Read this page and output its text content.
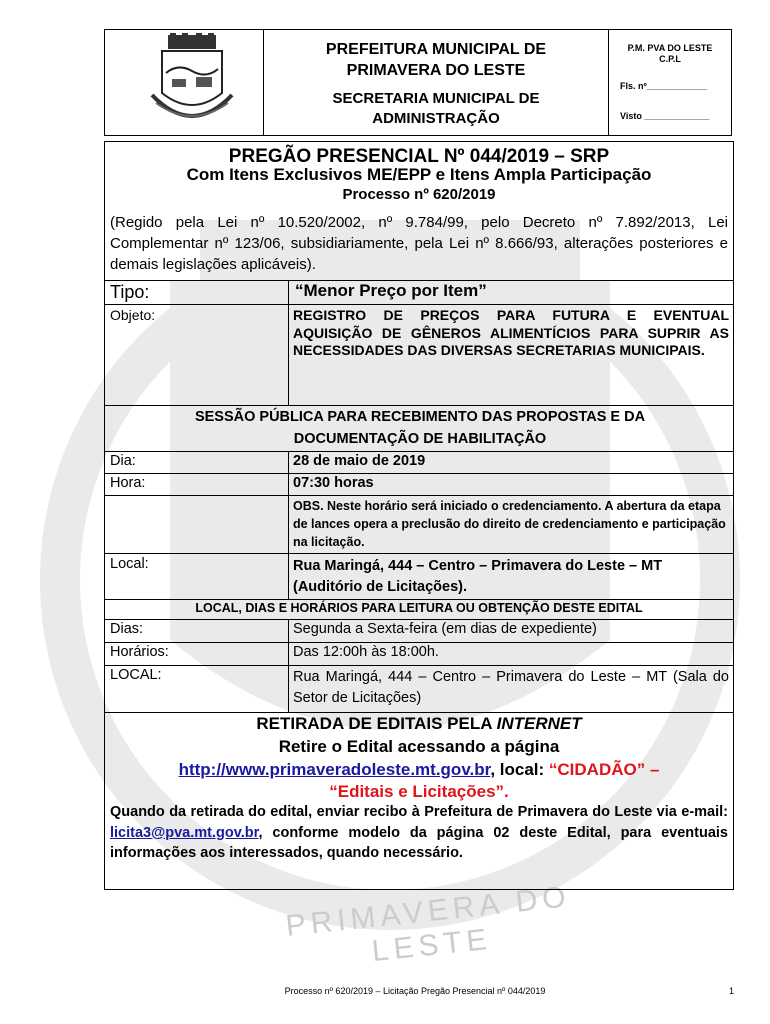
PRIMAVERA DO LESTE
PREFEITURA MUNICIPAL DE
PRIMAVERA DO LESTE
SECRETARIA MUNICIPAL DE
ADMINISTRAÇÃO
P.M. PVA DO LESTE
C.P.L
Fls. nº____________
Visto _____________
PREGÃO PRESENCIAL Nº 044/2019 – SRP
Com Itens Exclusivos ME/EPP e Itens Ampla Participação
Processo nº 620/2019
(Regido pela Lei nº 10.520/2002, nº 9.784/99, pelo Decreto nº 7.892/2013, Lei Complementar nº 123/06, subsidiariamente, pela Lei nº 8.666/93, alterações posteriores e demais legislações aplicáveis).
Tipo:	“Menor Preço por Item”
Objeto:	REGISTRO DE PREÇOS PARA FUTURA E EVENTUAL AQUISIÇÃO DE GÊNEROS ALIMENTÍCIOS PARA SUPRIR AS NECESSIDADES DAS DIVERSAS SECRETARIAS MUNICIPAIS.
SESSÃO PÚBLICA PARA RECEBIMENTO DAS PROPOSTAS E DA DOCUMENTAÇÃO DE HABILITAÇÃO
Dia:	28 de maio de 2019
Hora:	07:30 horas
OBS. Neste horário será iniciado o credenciamento. A abertura da etapa de lances opera a preclusão do direito de credenciamento e participação na licitação.
Local:	Rua Maringá, 444 – Centro – Primavera do Leste – MT (Auditório de Licitações).
LOCAL, DIAS E HORÁRIOS PARA LEITURA OU OBTENÇÃO DESTE EDITAL
Dias:	Segunda a Sexta-feira (em dias de expediente)
Horários:	Das 12:00h às 18:00h.
LOCAL:	Rua Maringá, 444 – Centro – Primavera do Leste – MT (Sala do Setor de Licitações)
RETIRADA DE EDITAIS PELA INTERNET
Retire o Edital acessando a página
http://www.primaveradoleste.mt.gov.br, local: “CIDADÃO” –
“Editais e Licitações”.
Quando da retirada do edital, enviar recibo à Prefeitura de Primavera do Leste via e-mail: licita3@pva.mt.gov.br, conforme modelo da página 02 deste Edital, para eventuais informações aos interessados, quando necessário.
Processo nº 620/2019 – Licitação Pregão Presencial nº 044/2019	1
